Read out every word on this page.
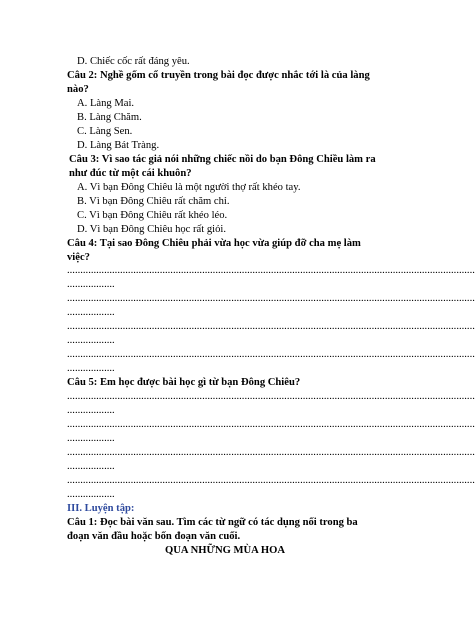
D. Chiếc cốc rất đáng yêu.
Câu 2: Nghề gốm cổ truyền trong bài đọc được nhắc tới là của làng
nào?
A. Làng Mai.
B. Làng Chăm.
C. Làng Sen.
D. Làng Bát Tràng.
Câu 3: Vì sao tác giả nói những chiếc nồi do bạn Đông Chiều làm ra
như đúc từ một cái khuôn?
A. Vì bạn Đông Chiêu là một người thợ rất khéo tay.
B. Vì bạn Đông Chiêu rất chăm chỉ.
C. Vì bạn Đông Chiêu rất khéo léo.
D. Vì bạn Đông Chiêu học rất giỏi.
Câu 4: Tại sao Đông Chiêu phải vừa học vừa giúp đỡ cha mẹ làm
việc?
..........................................................................................................................................................
..................
..........................................................................................................................................................
..................
..........................................................................................................................................................
..................
..........................................................................................................................................................
..................
Câu 5: Em học được bài học gì từ bạn Đông Chiêu?
..........................................................................................................................................................
..................
..........................................................................................................................................................
..................
..........................................................................................................................................................
..................
..........................................................................................................................................................
..................
III. Luyện tập:
Câu 1: Đọc bài văn sau. Tìm các từ ngữ có tác dụng nối trong ba
đoạn văn đầu hoặc bốn đoạn văn cuối.
QUA NHỮNG MÙA HOA
